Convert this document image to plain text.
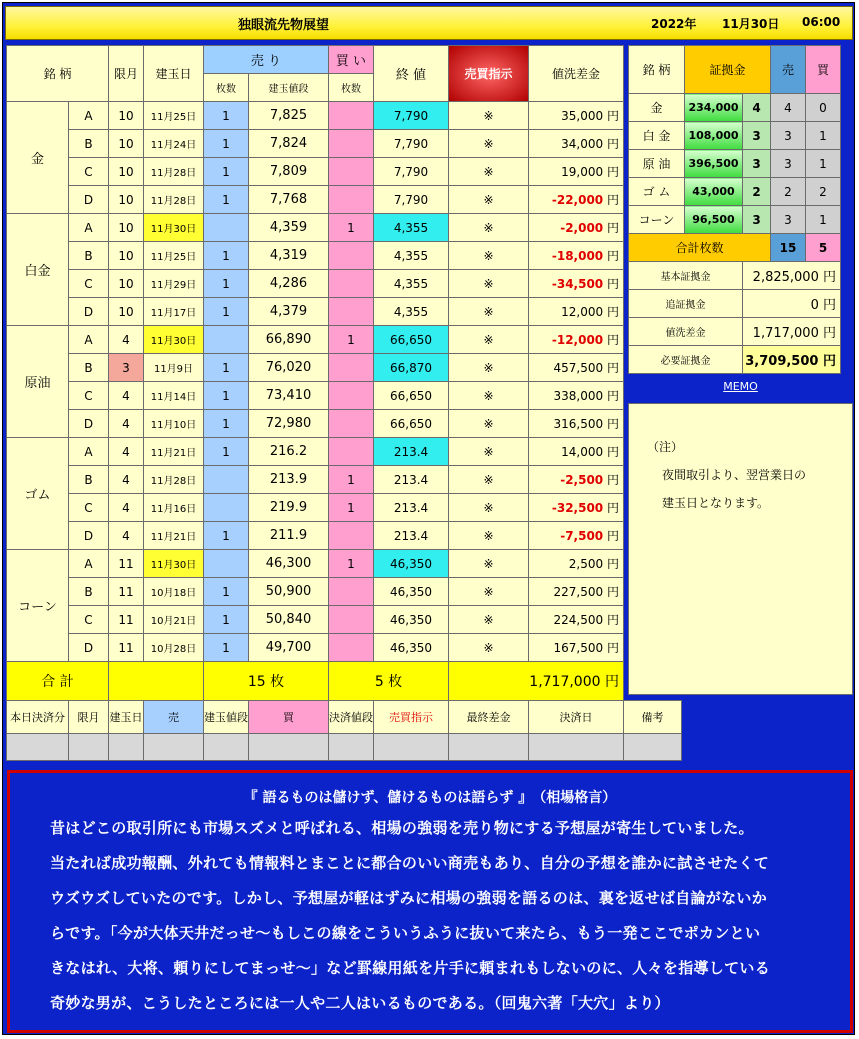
独眼流先物展望	2022年 11月30日 06:00
銘 柄		限月	建玉日	売 り		買 い	終 値	売買指示	値洗差金
				枚数	建玉値段	枚数			
金	A	10	11月25日	1	7,825		7,790	※	35,000 円
	B	10	11月24日	1	7,824		7,790	※	34,000 円
	C	10	11月28日	1	7,809		7,790	※	19,000 円
	D	10	11月28日	1	7,768		7,790	※	-22,000 円
白金	A	10	11月30日		4,359	1	4,355	※	-2,000 円
	B	10	11月25日	1	4,319		4,355	※	-18,000 円
	C	10	11月29日	1	4,286		4,355	※	-34,500 円
	D	10	11月17日	1	4,379		4,355	※	12,000 円
原油	A	4	11月30日		66,890	1	66,650	※	-12,000 円
	B	3	11月9日	1	76,020		66,870	※	457,500 円
	C	4	11月14日	1	73,410		66,650	※	338,000 円
	D	4	11月10日	1	72,980		66,650	※	316,500 円
ゴム	A	4	11月21日	1	216.2		213.4	※	14,000 円
	B	4	11月28日		213.9	1	213.4	※	-2,500 円
	C	4	11月16日		219.9	1	213.4	※	-32,500 円
	D	4	11月21日	1	211.9		213.4	※	-7,500 円
コーン	A	11	11月30日		46,300	1	46,350	※	2,500 円
	B	11	10月18日	1	50,900		46,350	※	227,500 円
	C	11	10月21日	1	50,840		46,350	※	224,500 円
	D	11	10月28日	1	49,700		46,350	※	167,500 円
合 計				15 枚		5 枚		1,717,000 円	
銘 柄	証拠金		売	買
金	234,000	4	4	0
白 金	108,000	3	3	1
原 油	396,500	3	3	1
ゴ ム	43,000	2	2	2
コーン	96,500	3	3	1
合計枚数			15	5
基本証拠金		2,825,000 円		
追証拠金		0 円		
値洗差金		1,717,000 円		
必要証拠金		3,709,500 円		
MEMO
（注）
夜間取引より、翌営業日の
建玉日となります。
本日決済分	限月	建玉日	売	建玉値段	買	決済値段	売買指示	最終差金	決済日	備考

『 語るものは儲けず、儲けるものは語らず 』　（相場格言）

昔はどこの取引所にも市場スズメと呼ばれる、相場の強弱を売り物にする予想屋が寄生していました。

当たれば成功報酬、外れても情報料とまことに都合のいい商売もあり、自分の予想を誰かに試させたくて

ウズウズしていたのです。しかし、予想屋が軽はずみに相場の強弱を語るのは、裏を返せば自論がないか

らです。「今が大体天井だっせ～もしこの線をこういうふうに抜いて来たら、もう一発ここでポカンとい

きなはれ、大将、頼りにしてまっせ～」など罫線用紙を片手に頼まれもしないのに、人々を指導している

奇妙な男が、こうしたところには一人や二人はいるものである。（回鬼六著「大穴」より）
